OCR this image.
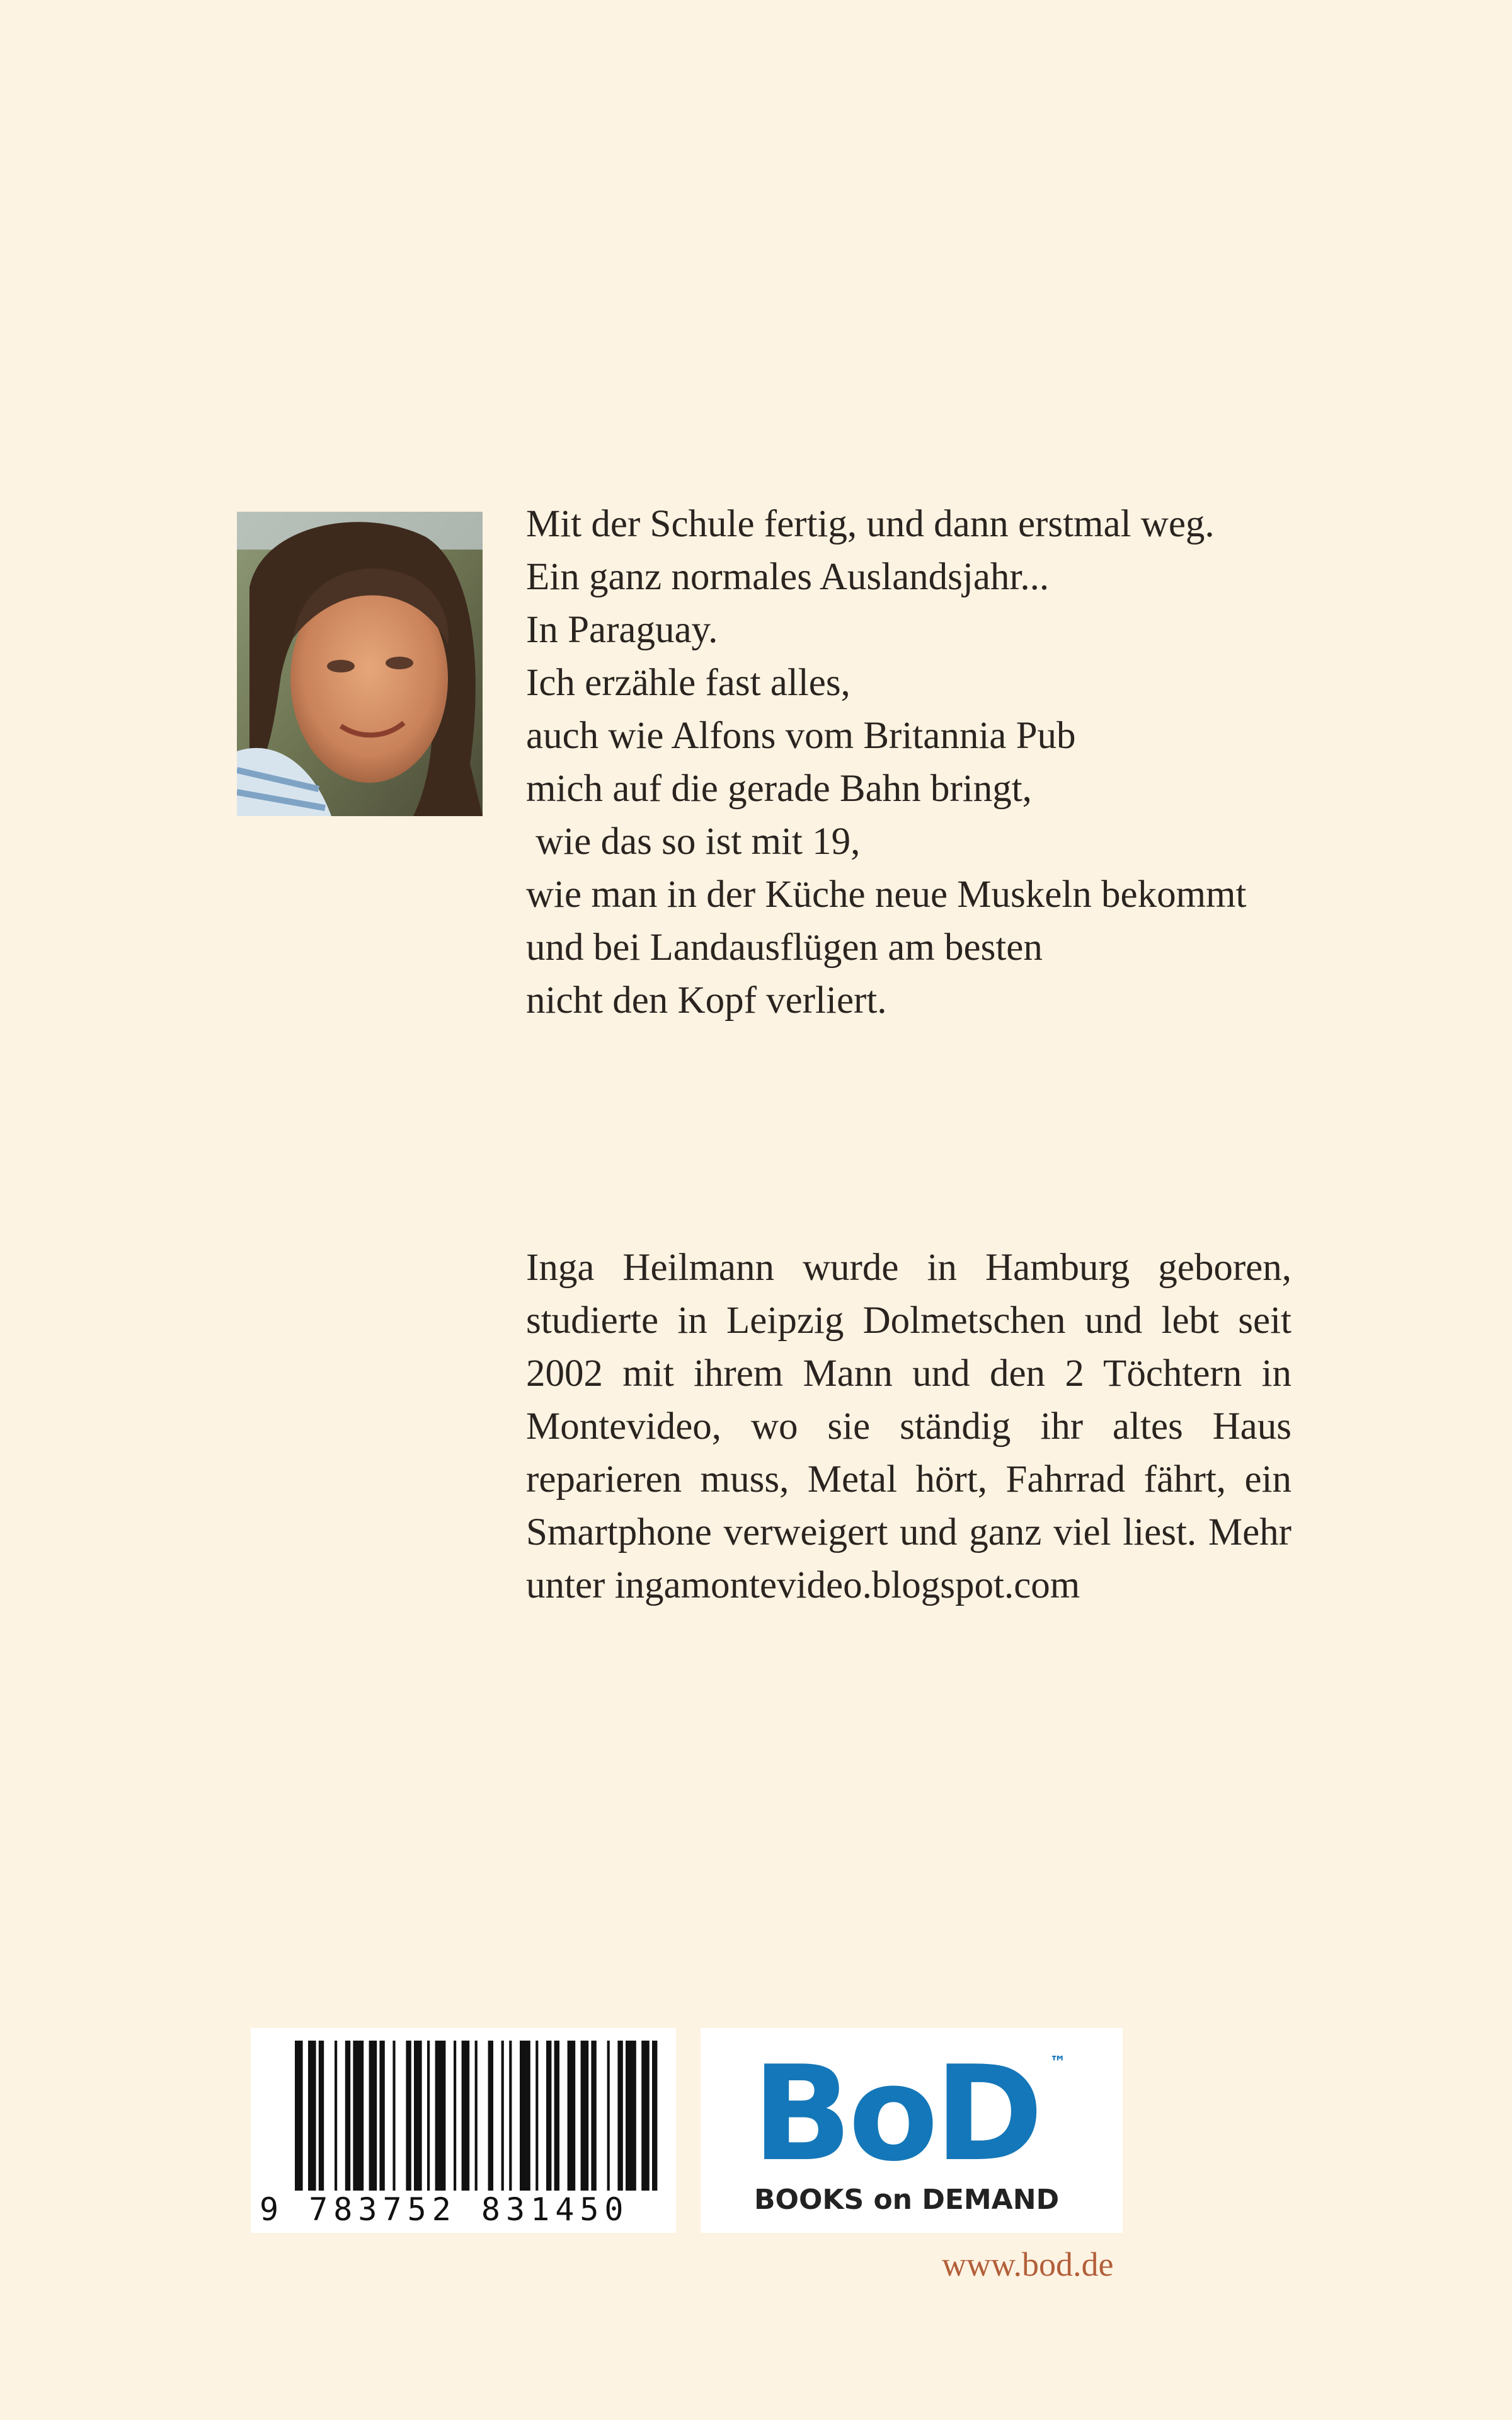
Mit der Schule fertig, und dann erstmal weg.
Ein ganz normales Auslandsjahr...
In Paraguay.
Ich erzähle fast alles,
auch wie Alfons vom Britannia Pub
mich auf die gerade Bahn bringt,
wie das so ist mit 19,
wie man in der Küche neue Muskeln bekommt
und bei Landausflügen am besten
nicht den Kopf verliert.
Inga Heilmann wurde in Hamburg geboren, studierte in Leipzig Dolmetschen und lebt seit 2002 mit ihrem Mann und den 2 Töchtern in Montevideo, wo sie ständig ihr altes Haus reparieren muss, Metal hört, Fahrrad fährt, ein Smartphone verweigert und ganz viel liest. Mehr unter ingamontevideo.blogspot.com
9 783752 831450
BoD ™
BOOKS on DEMAND
www.bod.de
